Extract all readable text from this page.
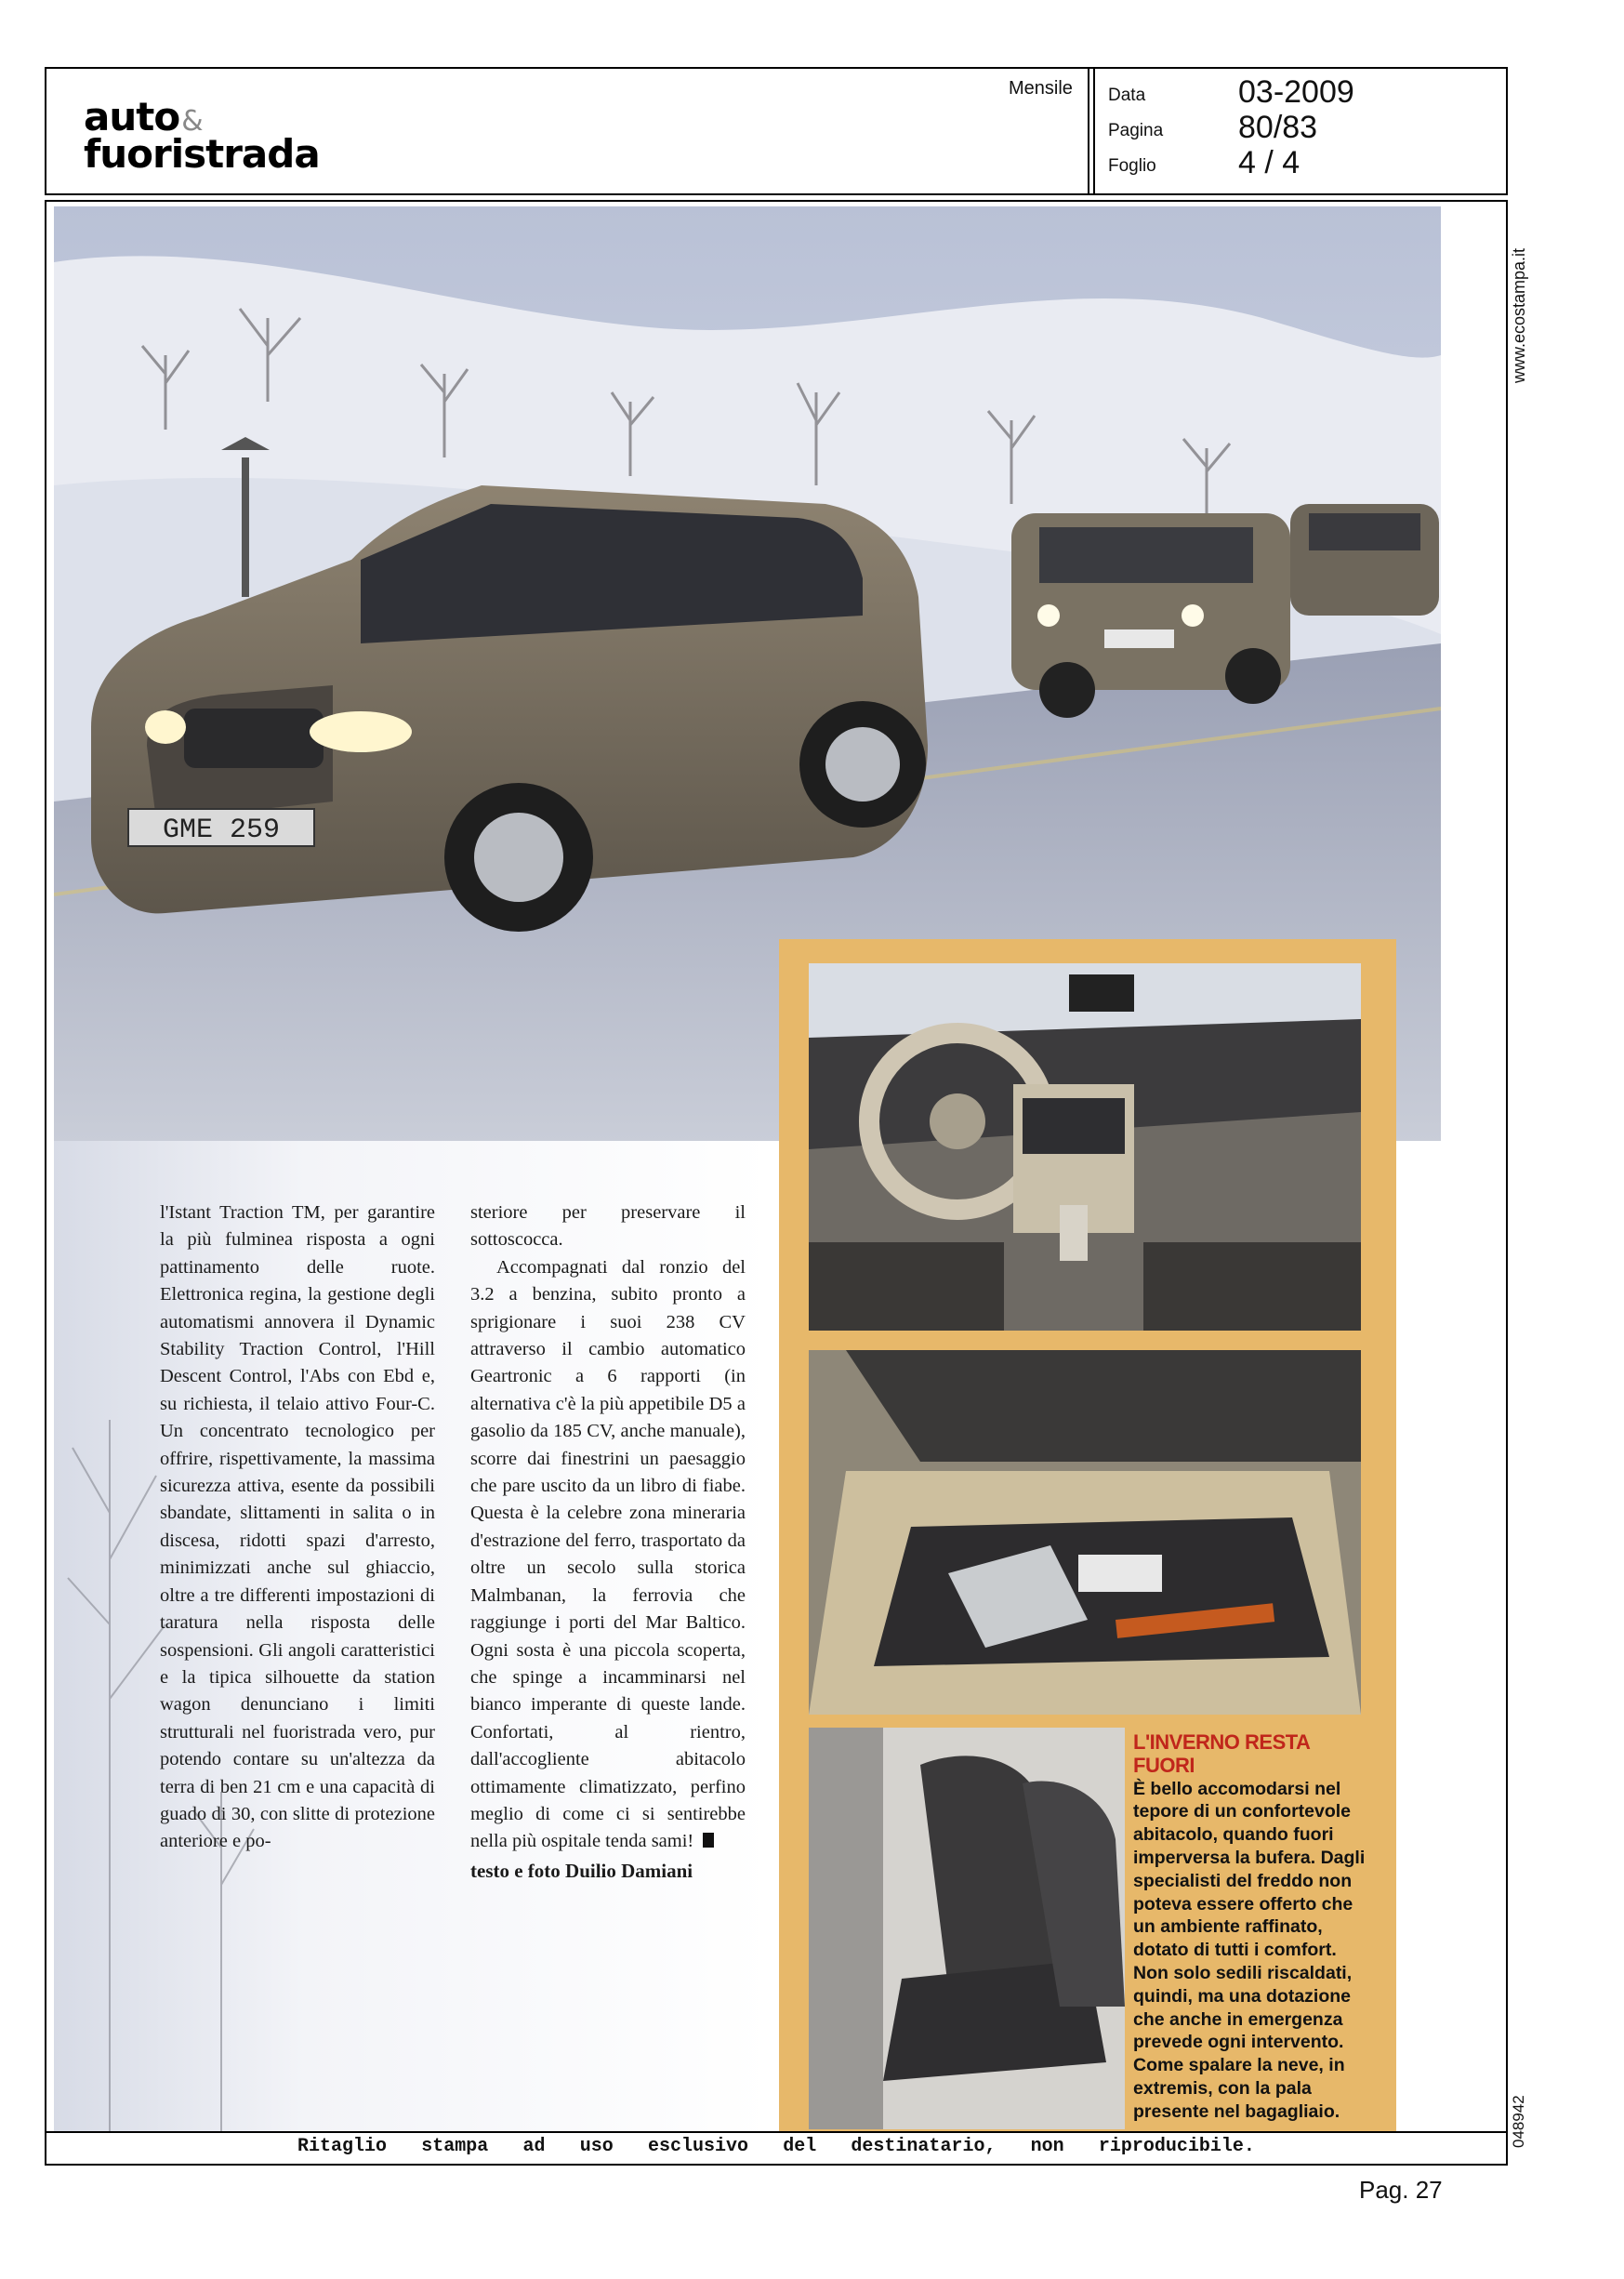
auto&
fuoristrada
Mensile Data	03-2009
Pagina 80/83
Foglio	4 / 4
www.ecostampa.it
048942
GME 259

l'Istant Traction TM, per garantire la più fulminea risposta a ogni pattinamento delle ruote. Elettronica regina, la gestione degli automatismi annovera il Dynamic Stability Traction Control, l'Hill Descent Control, l'Abs con Ebd e, su richiesta, il telaio attivo Four-C. Un concentrato tecnologico per offrire, rispettivamente, la massima sicurezza attiva, esente da possibili sbandate, slittamenti in salita o in discesa, ridotti spazi d'arresto, minimizzati anche sul ghiaccio, oltre a tre differenti impostazioni di taratura nella risposta delle sospensioni. Gli angoli caratteristici e la tipica silhouette da station wagon denunciano i limiti strutturali nel fuoristrada vero, pur potendo contare su un'altezza da terra di ben 21 cm e una capacità di guado di 30, con slitte di protezione anteriore e po-

steriore per preservare il sottoscocca.

Accompagnati dal ronzio del 3.2 a benzina, subito pronto a sprigionare i suoi 238 CV attraverso il cambio automatico Geartronic a 6 rapporti (in alternativa c'è la più appetibile D5 a gasolio da 185 CV, anche manuale), scorre dai finestrini un paesaggio che pare uscito da un libro di fiabe. Questa è la celebre zona mineraria d'estrazione del ferro, trasportato da oltre un secolo sulla storica Malmbanan, la ferrovia che raggiunge i porti del Mar Baltico. Ogni sosta è una piccola scoperta, che spinge a incamminarsi nel bianco imperante di queste lande. Confortati, al rientro, dall'accogliente abitacolo ottimamente climatizzato, perfino meglio di come ci si sentirebbe nella più ospitale tenda sami!

testo e foto Duilio Damiani
L'INVERNO RESTA FUORI
È bello accomodarsi nel tepore di un confortevole abitacolo, quando fuori imperversa la bufera. Dagli specialisti del freddo non poteva essere offerto che un ambiente raffinato, dotato di tutti i comfort. Non solo sedili riscaldati, quindi, ma una dotazione che anche in emergenza prevede ogni intervento. Come spalare la neve, in extremis, con la pala presente nel bagagliaio.
Ritaglio stampa ad uso esclusivo del destinatario, non riproducibile.
Pag. 27
